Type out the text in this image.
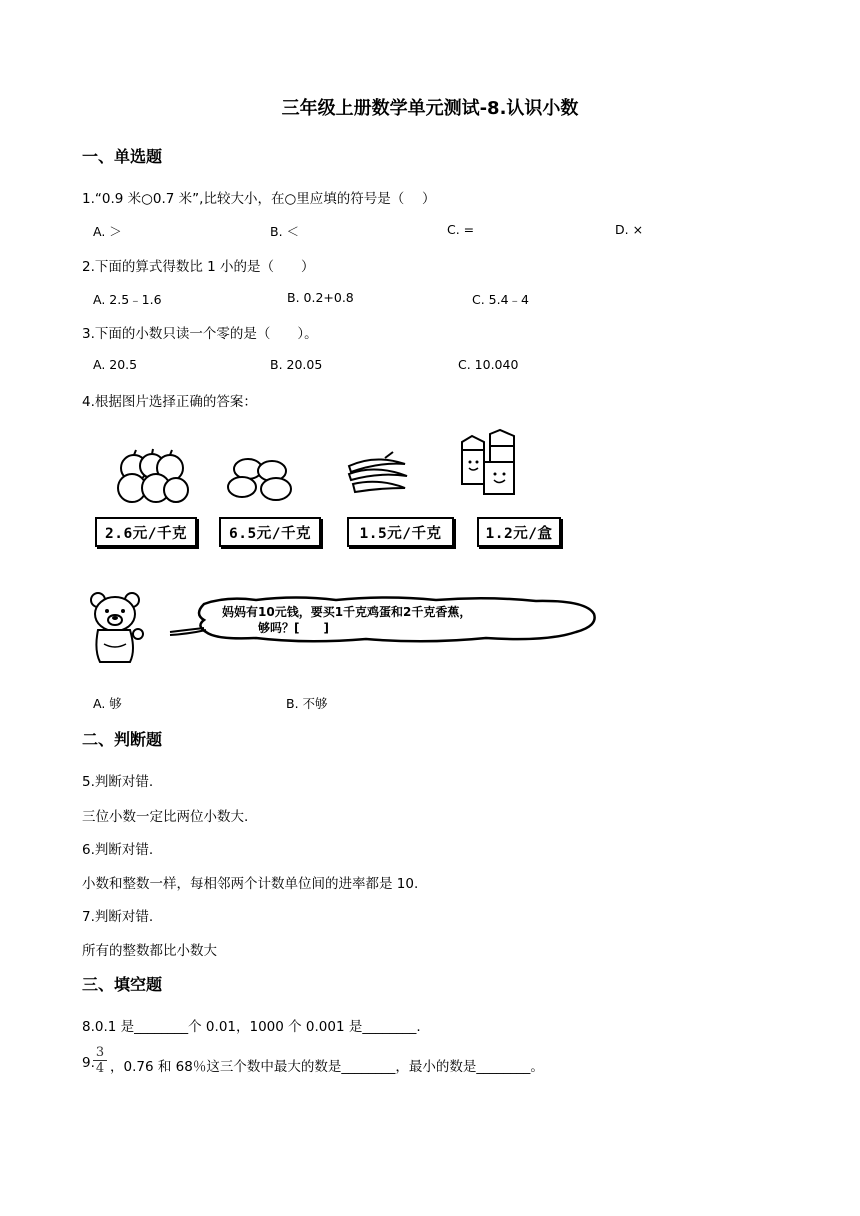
三年级上册数学单元测试-8.认识小数
一、单选题
1.“0.9 米○0.7 米”,比较大小，在○里应填的符号是（　 ）
A. ＞	B. ＜	C. =	D. ×
2.下面的算式得数比 1 小的是（　　）
A. 2.5﹣1.6	B. 0.2+0.8	C. 5.4﹣4
3.下面的小数只读一个零的是（　　）。
A. 20.5	B. 20.05	C. 10.040
4.根据图片选择正确的答案：
2.6元/千克	6.5元/千克	1.5元/千克	1.2元/盒
妈妈有10元钱，要买1千克鸡蛋和2千克香蕉，
够吗？[　　]
A. 够	B. 不够
二、判断题
5.判断对错.
三位小数一定比两位小数大.
6.判断对错.
小数和整数一样，每相邻两个计数单位间的进率都是 10.
7.判断对错.
所有的整数都比小数大
三、填空题
8.0.1 是________个 0.01，1000 个 0.001 是________.
9.
3
4 ，0.76 和 68％这三个数中最大的数是________，最小的数是________。
